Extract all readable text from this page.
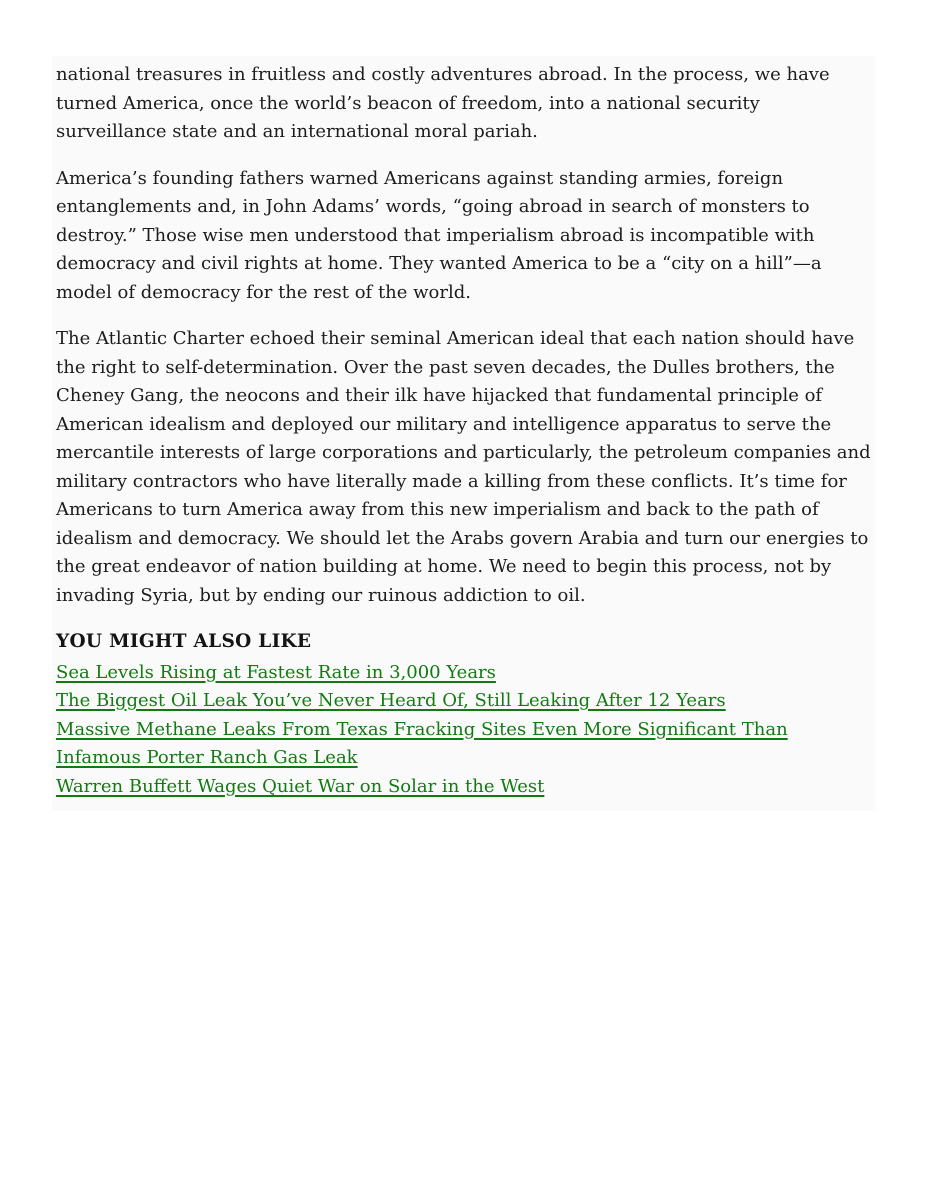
national treasures in fruitless and costly adventures abroad. In the process, we have turned America, once the world’s beacon of freedom, into a national security surveillance state and an international moral pariah.

America’s founding fathers warned Americans against standing armies, foreign entanglements and, in John Adams’ words, “going abroad in search of monsters to destroy.” Those wise men understood that imperialism abroad is incompatible with democracy and civil rights at home. They wanted America to be a “city on a hill”—a model of democracy for the rest of the world.

The Atlantic Charter echoed their seminal American ideal that each nation should have the right to self-determination. Over the past seven decades, the Dulles brothers, the Cheney Gang, the neocons and their ilk have hijacked that fundamental principle of American idealism and deployed our military and intelligence apparatus to serve the mercantile interests of large corporations and particularly, the petroleum companies and military contractors who have literally made a killing from these conflicts. It’s time for Americans to turn America away from this new imperialism and back to the path of idealism and democracy. We should let the Arabs govern Arabia and turn our energies to the great endeavor of nation building at home. We need to begin this process, not by invading Syria, but by ending our ruinous addiction to oil.

YOU MIGHT ALSO LIKE
Sea Levels Rising at Fastest Rate in 3,000 Years
The Biggest Oil Leak You’ve Never Heard Of, Still Leaking After 12 Years
Massive Methane Leaks From Texas Fracking Sites Even More Significant Than Infamous Porter Ranch Gas Leak
Warren Buffett Wages Quiet War on Solar in the West
